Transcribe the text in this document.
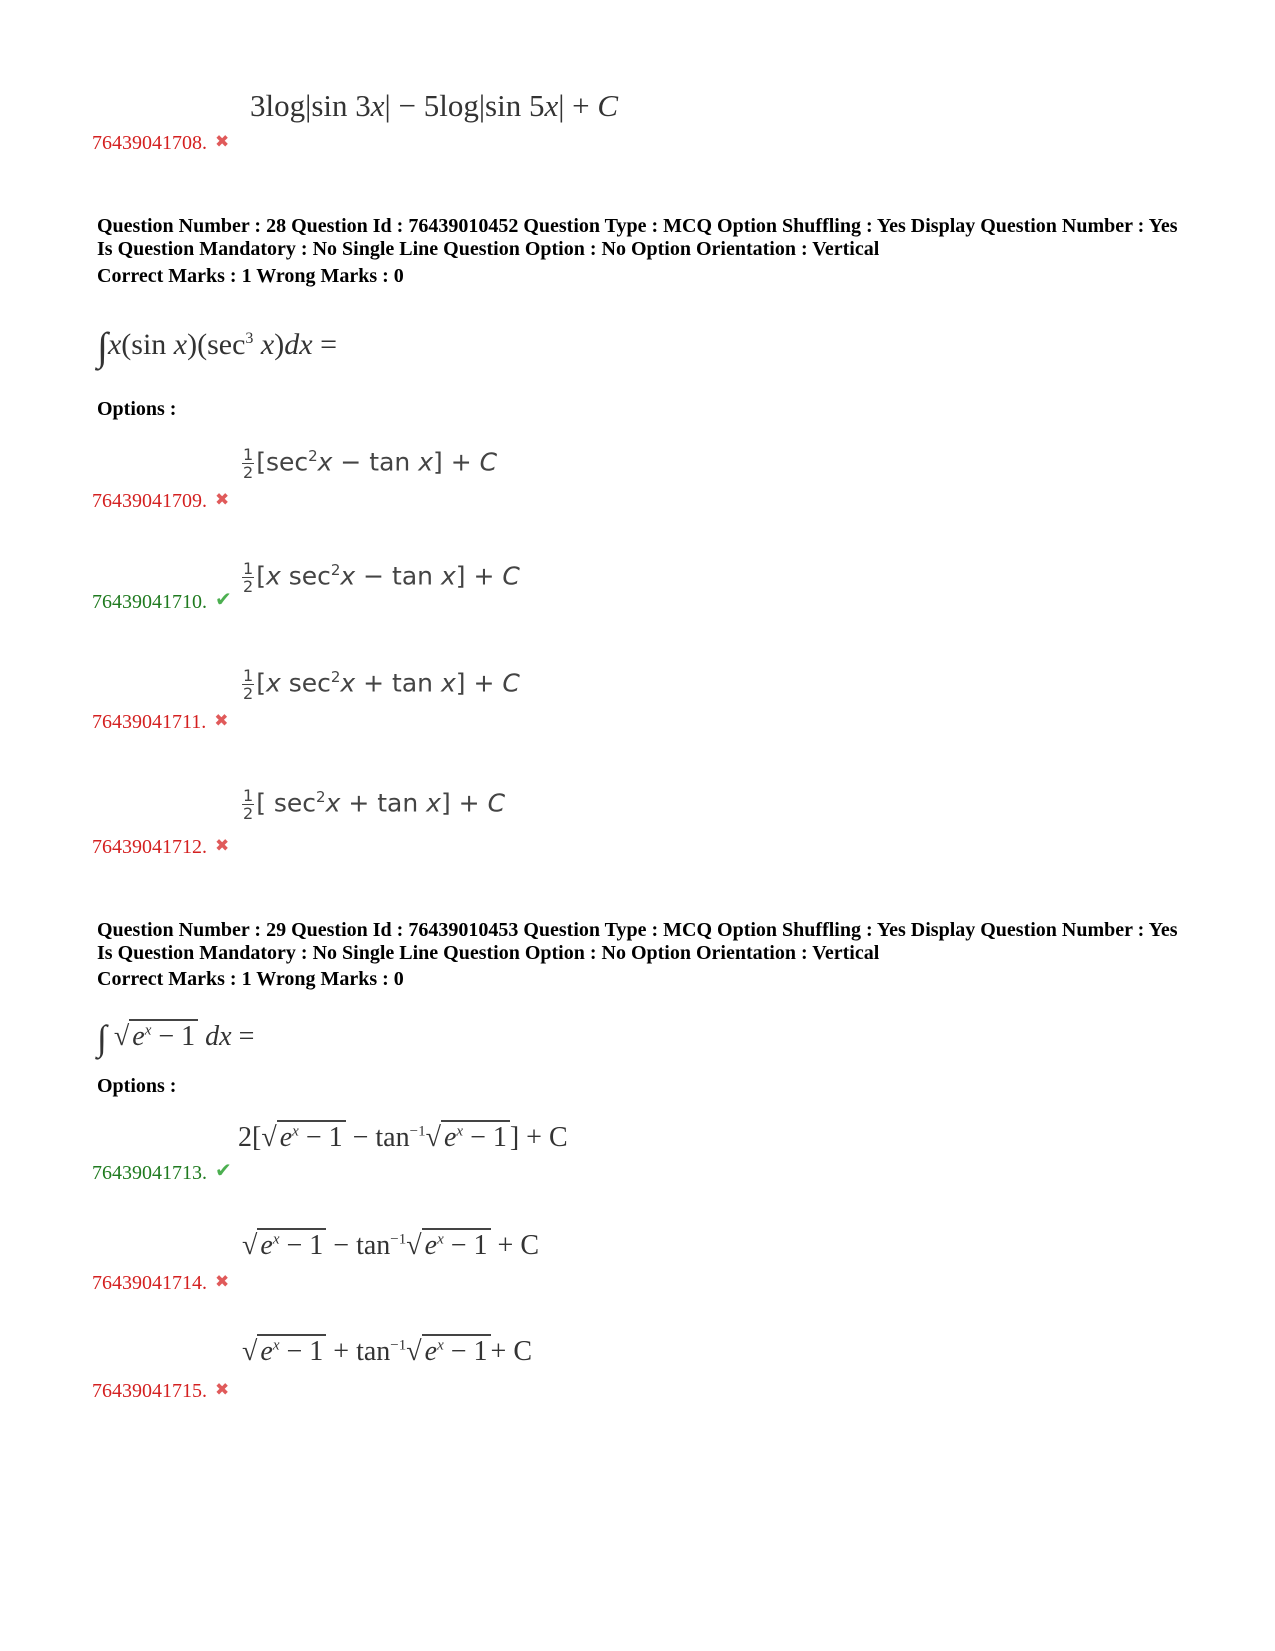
3log|sin 3x| − 5log|sin 5x| + C
76439041708. ✖
Question Number : 28 Question Id : 76439010452 Question Type : MCQ Option Shuffling : Yes Display Question Number : Yes Is Question Mandatory : No Single Line Question Option : No Option Orientation : Vertical
Correct Marks : 1 Wrong Marks : 0
∫x(sin $x)(\sec^3$ x)dx =
Options :
$\frac{1}{2} [\sec^2x - \tan x] + C$
76439041709. ✖
$\frac{1}{2} [x$ $\sec^2x - \tan x] + C$
76439041710. ✔
$\frac{1}{2} [x$ $\sec^2x + \tan x] + C$
76439041711. ✖
$\frac{1}{2}$ [ $\sec^2x + \tan x] + C$
76439041712. ✖
Question Number : 29 Question Id : 76439010453 Question Type : MCQ Option Shuffling : Yes Display Question Number : Yes Is Question Mandatory : No Single Line Question Option : No Option Orientation : Vertical
Correct Marks : 1 Wrong Marks : 0
∫ √ $e^x - 1$ dx =
Options :
2[√ $e^x - 1 - \tan^{-1}√$ $e^x - 1$ ] + C
76439041713. ✔
√ $e^x - 1 - \tan^{-1}√$ $e^x - 1 + C$
76439041714. ✖
√ $e^x - 1 + \tan^{-1}√$ $e^x - 1 + C$
76439041715. ✖
